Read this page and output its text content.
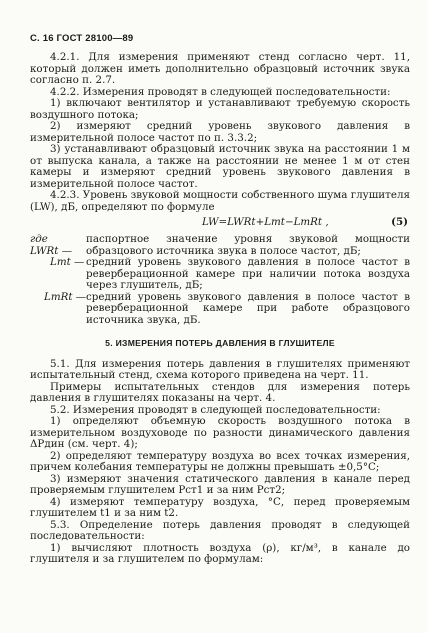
С. 16 ГОСТ 28100—89

4.2.1. Для измерения применяют стенд согласно черт. 11, который должен иметь дополнительно образцовый источник звука согласно п. 2.7.

4.2.2. Измерения проводят в следующей последовательности:

1) включают вентилятор и устанавливают требуемую скорость воздушного потока;

2) измеряют средний уровень звукового давления в измерительной полосе частот по п. 3.3.2;

3) устанавливают образцовый источник звука на расстоянии 1 м от выпуска канала, а также на расстоянии не менее 1 м от стен камеры и измеряют средний уровень звукового давления в измерительной полосе частот.

4.2.3. Уровень звуковой мощности собственного шума глушителя (LW), дБ, определяют по формуле

LW=LWRt+Lmt−LmRt ,	(5)
где LWRt —
паспортное значение уровня звуковой мощности образцового источника звука в полосе частот, дБ;
Lmt — средний уровень звукового давления в полосе частот в реверберационной камере при наличии потока воздуха через глушитель, дБ;
LmRt — средний уровень звукового давления в полосе частот в реверберационной камере при работе образцового источника звука, дБ.
5. ИЗМЕРЕНИЯ ПОТЕРЬ ДАВЛЕНИЯ В ГЛУШИТЕЛЕ

5.1. Для измерения потерь давления в глушителях применяют испытательный стенд, схема которого приведена на черт. 11.

Примеры испытательных стендов для измерения потерь давления в глушителях показаны на черт. 4.

5.2. Измерения проводят в следующей последовательности:

1) определяют объемную скорость воздушного потока в измерительном воздуховоде по разности динамического давления ΔPдин (см. черт. 4);

2) определяют температуру воздуха во всех точках измерения, причем колебания температуры не должны превышать ±0,5°С;

3) измеряют значения статического давления в канале перед проверяемым глушителем Pст1 и за ним Pст2;

4) измеряют температуру воздуха, °С, перед проверяемым глушителем t1 и за ним t2.

5.3. Определение потерь давления проводят в следующей последовательности:

1) вычисляют плотность воздуха (ρ), кг/м³, в канале до глушителя и за глушителем по формулам:
